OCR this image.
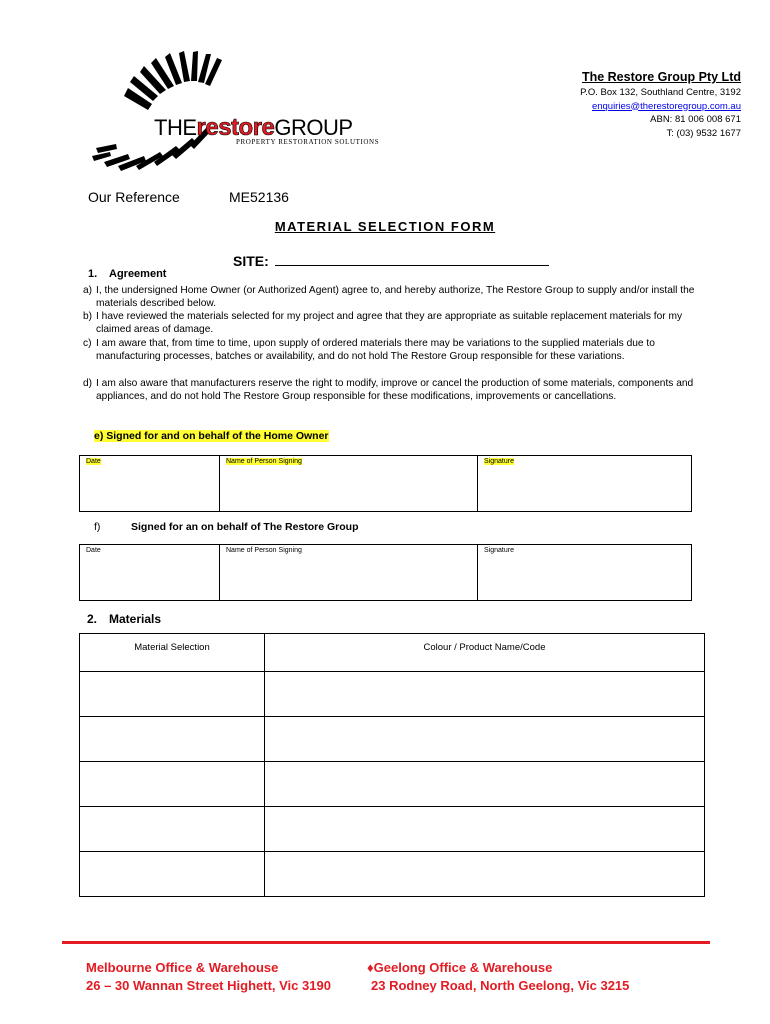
THErestoreGROUP
PROPERTY RESTORATION SOLUTIONS
The Restore Group Pty Ltd
P.O. Box 132, Southland Centre, 3192
enquiries@therestoregroup.com.au
ABN: 81 006 008 671
T: (03) 9532 1677
Our Reference	ME52136
MATERIAL SELECTION FORM
SITE:
1. Agreement
a) I, the undersigned Home Owner (or Authorized Agent) agree to, and hereby authorize, The Restore Group to supply and/or install the materials described below.
b) I have reviewed the materials selected for my project and agree that they are appropriate as suitable replacement materials for my claimed areas of damage.
c) I am aware that, from time to time, upon supply of ordered materials there may be variations to the supplied materials due to manufacturing processes, batches or availability, and do not hold The Restore Group responsible for these variations.
d) I am also aware that manufacturers reserve the right to modify, improve or cancel the production of some materials, components and appliances, and do not hold The Restore Group responsible for these modifications, improvements or cancellations.
e) Signed for and on behalf of the Home Owner
Date	Name of Person Signing	Signature
f)	Signed for an on behalf of The Restore Group
Date	Name of Person Signing	Signature
2. Materials
Material Selection	Colour / Product Name/Code

Melbourne Office & Warehouse
26 – 30 Wannan Street Highett, Vic 3190
♦Geelong Office & Warehouse
23 Rodney Road, North Geelong, Vic 3215
